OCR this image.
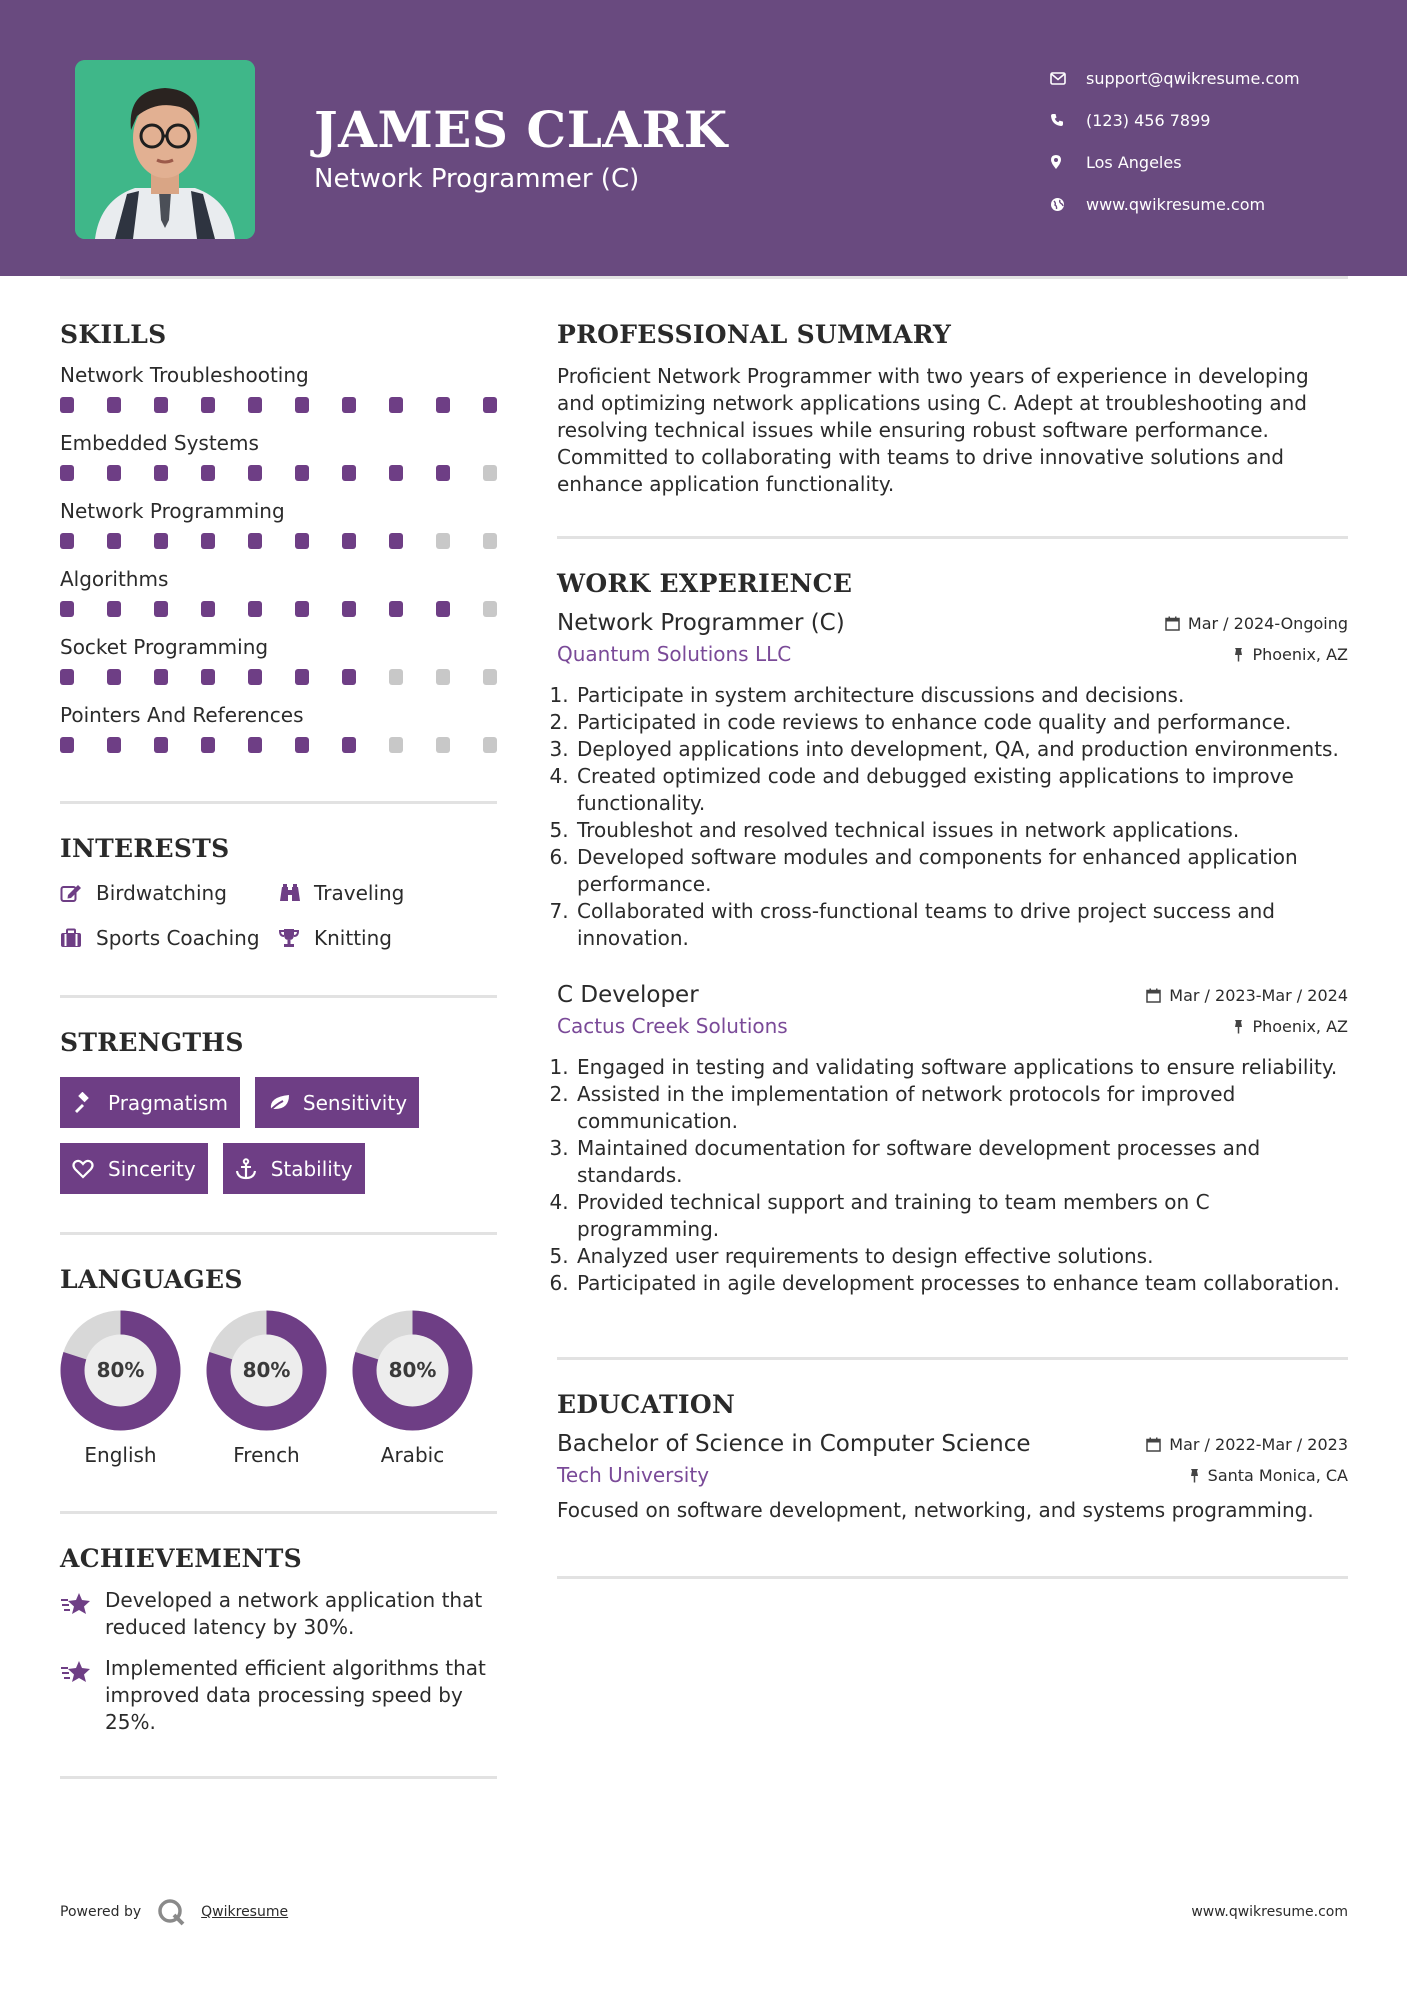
JAMES CLARK
Network Programmer (C)
support@qwikresume.com
(123) 456 7899
Los Angeles
www.qwikresume.com
SKILLS
Network Troubleshooting
Embedded Systems
Network Programming
Algorithms
Socket Programming
Pointers And References
INTERESTS
Birdwatching	Traveling
Sports Coaching	Knitting
STRENGTHS
Pragmatism	Sensitivity
Sincerity	Stability
LANGUAGES
80%
English
80%
French
80%
Arabic
ACHIEVEMENTS
Developed a network application that reduced latency by 30%.
Implemented efficient algorithms that improved data processing speed by 25%.
PROFESSIONAL SUMMARY

Proficient Network Programmer with two years of experience in developing and optimizing network applications using C. Adept at troubleshooting and resolving technical issues while ensuring robust software performance. Committed to collaborating with teams to drive innovative solutions and enhance application functionality.

WORK EXPERIENCE
Network Programmer (C)	Mar / 2024-Ongoing
Quantum Solutions LLC	Phoenix, AZ
1. Participate in system architecture discussions and decisions.
2. Participated in code reviews to enhance code quality and performance.
3. Deployed applications into development, QA, and production environments.
4. Created optimized code and debugged existing applications to improve functionality.
5. Troubleshot and resolved technical issues in network applications.
6. Developed software modules and components for enhanced application performance.
7. Collaborated with cross-functional teams to drive project success and innovation.
C Developer	Mar / 2023-Mar / 2024
Cactus Creek Solutions	Phoenix, AZ
1. Engaged in testing and validating software applications to ensure reliability.
2. Assisted in the implementation of network protocols for improved communication.
3. Maintained documentation for software development processes and standards.
4. Provided technical support and training to team members on C programming.
5. Analyzed user requirements to design effective solutions.
6. Participated in agile development processes to enhance team collaboration.
EDUCATION
Bachelor of Science in Computer Science	Mar / 2022-Mar / 2023
Tech University	Santa Monica, CA

Focused on software development, networking, and systems programming.

Powered by	Qwikresume	www.qwikresume.com
